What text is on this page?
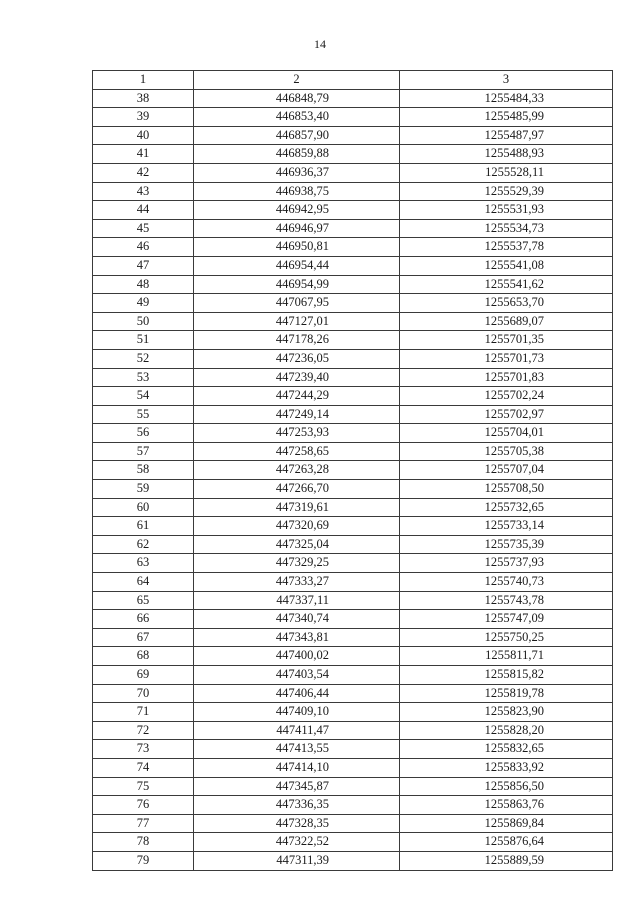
14
1	2	3
38	446848,79	1255484,33
39	446853,40	1255485,99
40	446857,90	1255487,97
41	446859,88	1255488,93
42	446936,37	1255528,11
43	446938,75	1255529,39
44	446942,95	1255531,93
45	446946,97	1255534,73
46	446950,81	1255537,78
47	446954,44	1255541,08
48	446954,99	1255541,62
49	447067,95	1255653,70
50	447127,01	1255689,07
51	447178,26	1255701,35
52	447236,05	1255701,73
53	447239,40	1255701,83
54	447244,29	1255702,24
55	447249,14	1255702,97
56	447253,93	1255704,01
57	447258,65	1255705,38
58	447263,28	1255707,04
59	447266,70	1255708,50
60	447319,61	1255732,65
61	447320,69	1255733,14
62	447325,04	1255735,39
63	447329,25	1255737,93
64	447333,27	1255740,73
65	447337,11	1255743,78
66	447340,74	1255747,09
67	447343,81	1255750,25
68	447400,02	1255811,71
69	447403,54	1255815,82
70	447406,44	1255819,78
71	447409,10	1255823,90
72	447411,47	1255828,20
73	447413,55	1255832,65
74	447414,10	1255833,92
75	447345,87	1255856,50
76	447336,35	1255863,76
77	447328,35	1255869,84
78	447322,52	1255876,64
79	447311,39	1255889,59
